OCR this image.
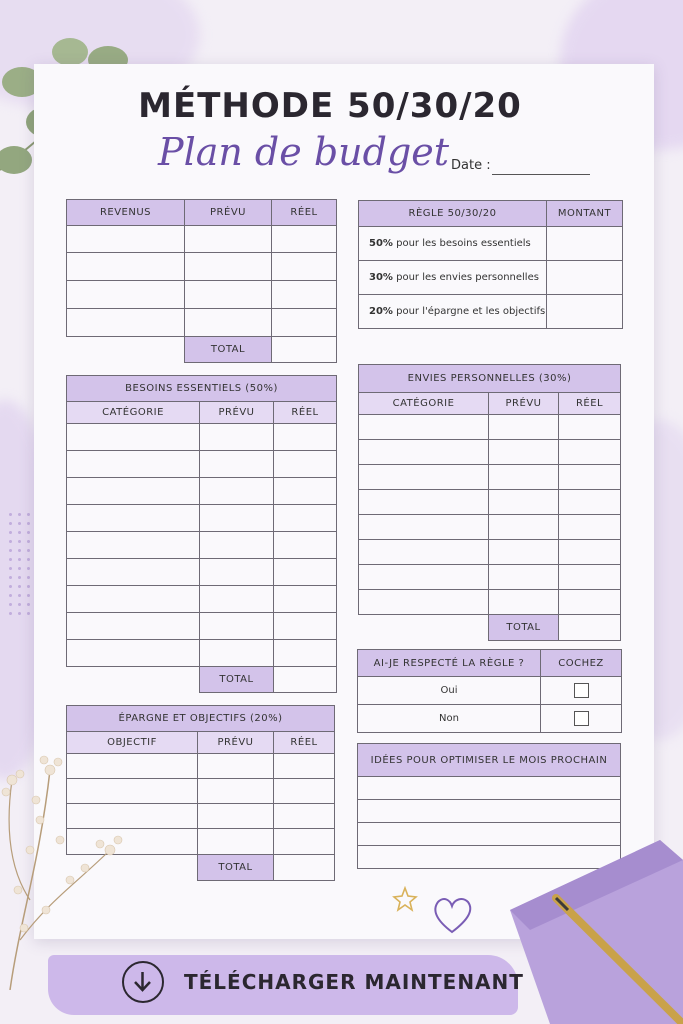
MÉTHODE 50/30/20
Plan de budget Date :
REVENUS	PRÉVU	RÉEL

	TOTAL	
RÈGLE 50/30/20	MONTANT
50% pour les besoins essentiels	
30% pour les envies personnelles	
20% pour l'épargne et les objectifs	
BESOINS ESSENTIELS (50%)		
CATÉGORIE	PRÉVU	RÉEL

	TOTAL	
ENVIES PERSONNELLES (30%)		
CATÉGORIE	PRÉVU	RÉEL

	TOTAL	
AI-JE RESPECTÉ LA RÈGLE ?	COCHEZ
Oui	
Non	
ÉPARGNE ET OBJECTIFS (20%)		
OBJECTIF	PRÉVU	RÉEL

	TOTAL	
IDÉES POUR OPTIMISER LE MOIS PROCHAIN

TÉLÉCHARGER MAINTENANT
